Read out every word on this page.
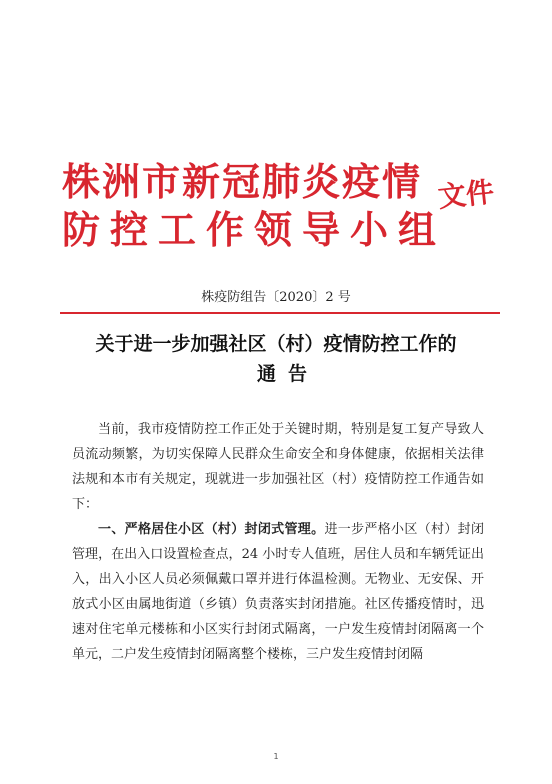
株洲市新冠肺炎疫情
防控工作领导小组
文件
株疫防组告〔2020〕2 号
关于进一步加强社区（村）疫情防控工作的
通告

当前，我市疫情防控工作正处于关键时期，特别是复工复产导致人员流动频繁，为切实保障人民群众生命安全和身体健康，依据相关法律法规和本市有关规定，现就进一步加强社区（村）疫情防控工作通告如下：

一、严格居住小区（村）封闭式管理。进一步严格小区（村）封闭管理，在出入口设置检查点，24 小时专人值班，居住人员和车辆凭证出入，出入小区人员必须佩戴口罩并进行体温检测。无物业、无安保、开放式小区由属地街道（乡镇）负责落实封闭措施。社区传播疫情时，迅速对住宅单元楼栋和小区实行封闭式隔离，一户发生疫情封闭隔离一个单元，二户发生疫情封闭隔离整个楼栋，三户发生疫情封闭隔

1
